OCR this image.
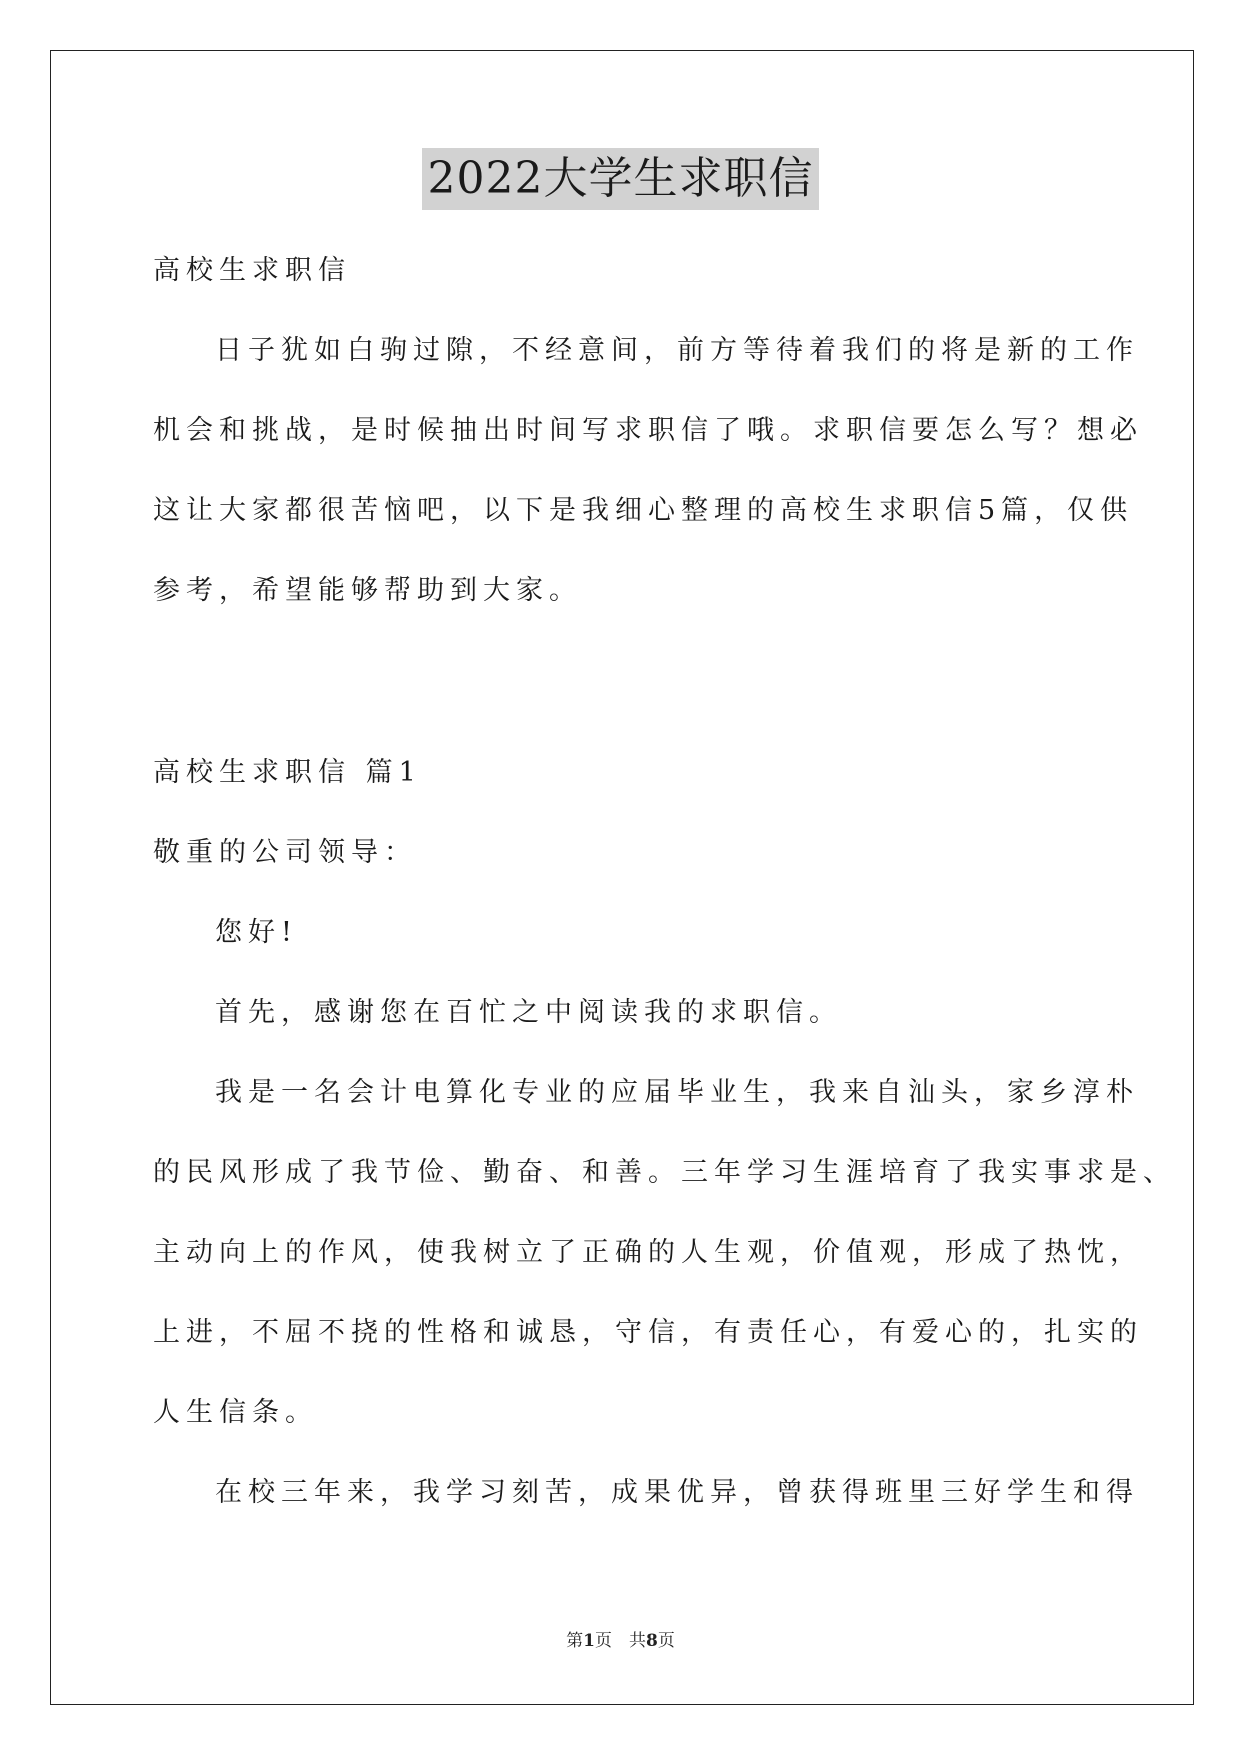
2022大学生求职信

高校生求职信

日子犹如白驹过隙，不经意间，前方等待着我们的将是新的工作

机会和挑战，是时候抽出时间写求职信了哦。求职信要怎么写？想必

这让大家都很苦恼吧，以下是我细心整理的高校生求职信5篇，仅供

参考，希望能够帮助到大家。

高校生求职信 篇1

敬重的公司领导：

您好!

首先，感谢您在百忙之中阅读我的求职信。

我是一名会计电算化专业的应届毕业生，我来自汕头，家乡淳朴

的民风形成了我节俭、勤奋、和善。三年学习生涯培育了我实事求是、

主动向上的作风，使我树立了正确的人生观，价值观，形成了热忱，

上进，不屈不挠的性格和诚恳，守信，有责任心，有爱心的，扎实的

人生信条。

在校三年来，我学习刻苦，成果优异，曾获得班里三好学生和得

第1页　共8页
